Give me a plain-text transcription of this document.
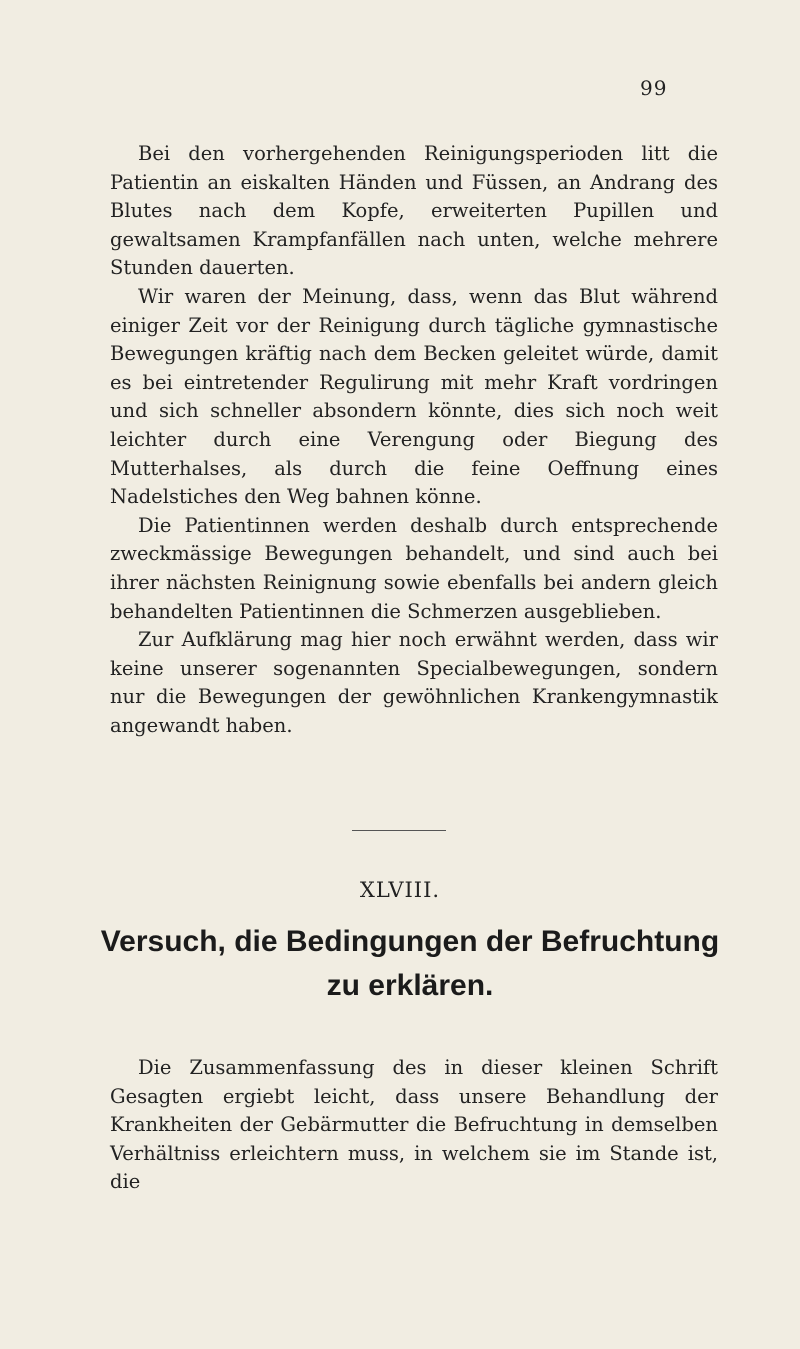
99

Bei den vorhergehenden Reinigungsperioden litt die Patientin an eiskalten Händen und Füssen, an Andrang des Blutes nach dem Kopfe, erweiterten Pupillen und gewaltsamen Krampfanfällen nach unten, welche mehrere Stunden dauerten.

Wir waren der Meinung, dass, wenn das Blut während einiger Zeit vor der Reinigung durch tägliche gymnastische Bewegungen kräftig nach dem Becken geleitet würde, damit es bei eintretender Regulirung mit mehr Kraft vordringen und sich schneller absondern könnte, dies sich noch weit leichter durch eine Verengung oder Biegung des Mutterhalses, als durch die feine Oeffnung eines Nadelstiches den Weg bahnen könne.

Die Patientinnen werden deshalb durch entsprechende zweckmässige Bewegungen behandelt, und sind auch bei ihrer nächsten Reinignung sowie ebenfalls bei andern gleich behandelten Patientinnen die Schmerzen ausgeblieben.

Zur Aufklärung mag hier noch erwähnt werden, dass wir keine unserer sogenannten Specialbewegungen, sondern nur die Bewegungen der gewöhnlichen Krankengymnastik angewandt haben.

XLVIII.
Versuch, die Bedingungen der Befruchtung zu erklären.

Die Zusammenfassung des in dieser kleinen Schrift Gesagten ergiebt leicht, dass unsere Behandlung der Krankheiten der Gebärmutter die Befruchtung in demselben Verhältniss erleichtern muss, in welchem sie im Stande ist, die
